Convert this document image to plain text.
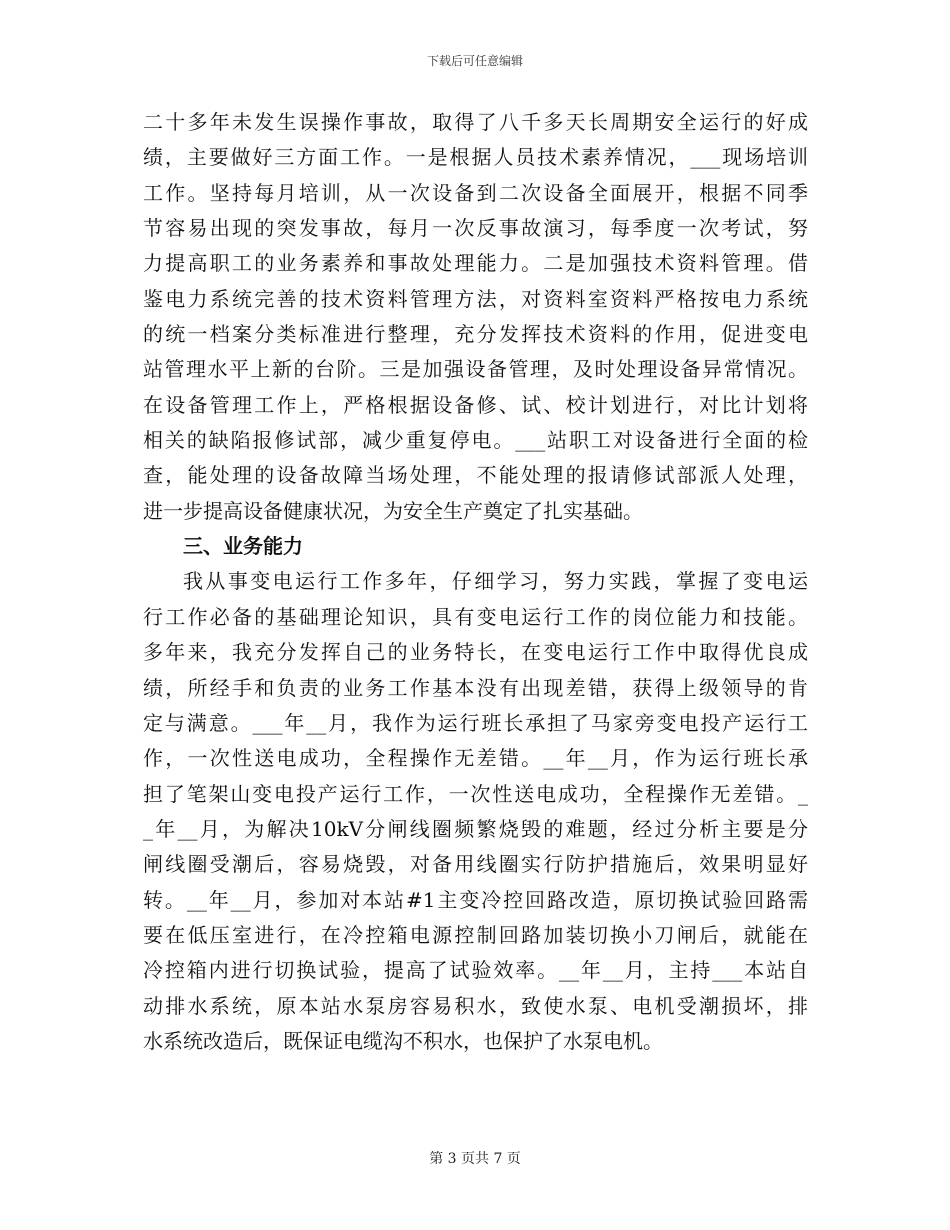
下载后可任意编辑
二十多年未发生误操作事故，取得了八千多天长周期安全运行的好成
绩，主要做好三方面工作。一是根据人员技术素养情况，___现场培训
工作。坚持每月培训，从一次设备到二次设备全面展开，根据不同季
节容易出现的突发事故，每月一次反事故演习，每季度一次考试，努
力提高职工的业务素养和事故处理能力。二是加强技术资料管理。借
鉴电力系统完善的技术资料管理方法，对资料室资料严格按电力系统
的统一档案分类标准进行整理，充分发挥技术资料的作用，促进变电
站管理水平上新的台阶。三是加强设备管理，及时处理设备异常情况。
在设备管理工作上，严格根据设备修、试、校计划进行，对比计划将
相关的缺陷报修试部，减少重复停电。___站职工对设备进行全面的检
查，能处理的设备故障当场处理，不能处理的报请修试部派人处理，
进一步提高设备健康状况，为安全生产奠定了扎实基础。
三、业务能力
我从事变电运行工作多年，仔细学习，努力实践，掌握了变电运
行工作必备的基础理论知识，具有变电运行工作的岗位能力和技能。
多年来，我充分发挥自己的业务特长，在变电运行工作中取得优良成
绩，所经手和负责的业务工作基本没有出现差错，获得上级领导的肯
定与满意。___年__月，我作为运行班长承担了马家旁变电投产运行工
作，一次性送电成功，全程操作无差错。__年__月，作为运行班长承
担了笔架山变电投产运行工作，一次性送电成功，全程操作无差错。_
_年__月，为解决10kV分闸线圈频繁烧毁的难题，经过分析主要是分
闸线圈受潮后，容易烧毁，对备用线圈实行防护措施后，效果明显好
转。__年__月，参加对本站#1主变冷控回路改造，原切换试验回路需
要在低压室进行，在冷控箱电源控制回路加装切换小刀闸后，就能在
冷控箱内进行切换试验，提高了试验效率。__年__月，主持___本站自
动排水系统，原本站水泵房容易积水，致使水泵、电机受潮损坏，排
水系统改造后，既保证电缆沟不积水，也保护了水泵电机。
第 3 页共 7 页
